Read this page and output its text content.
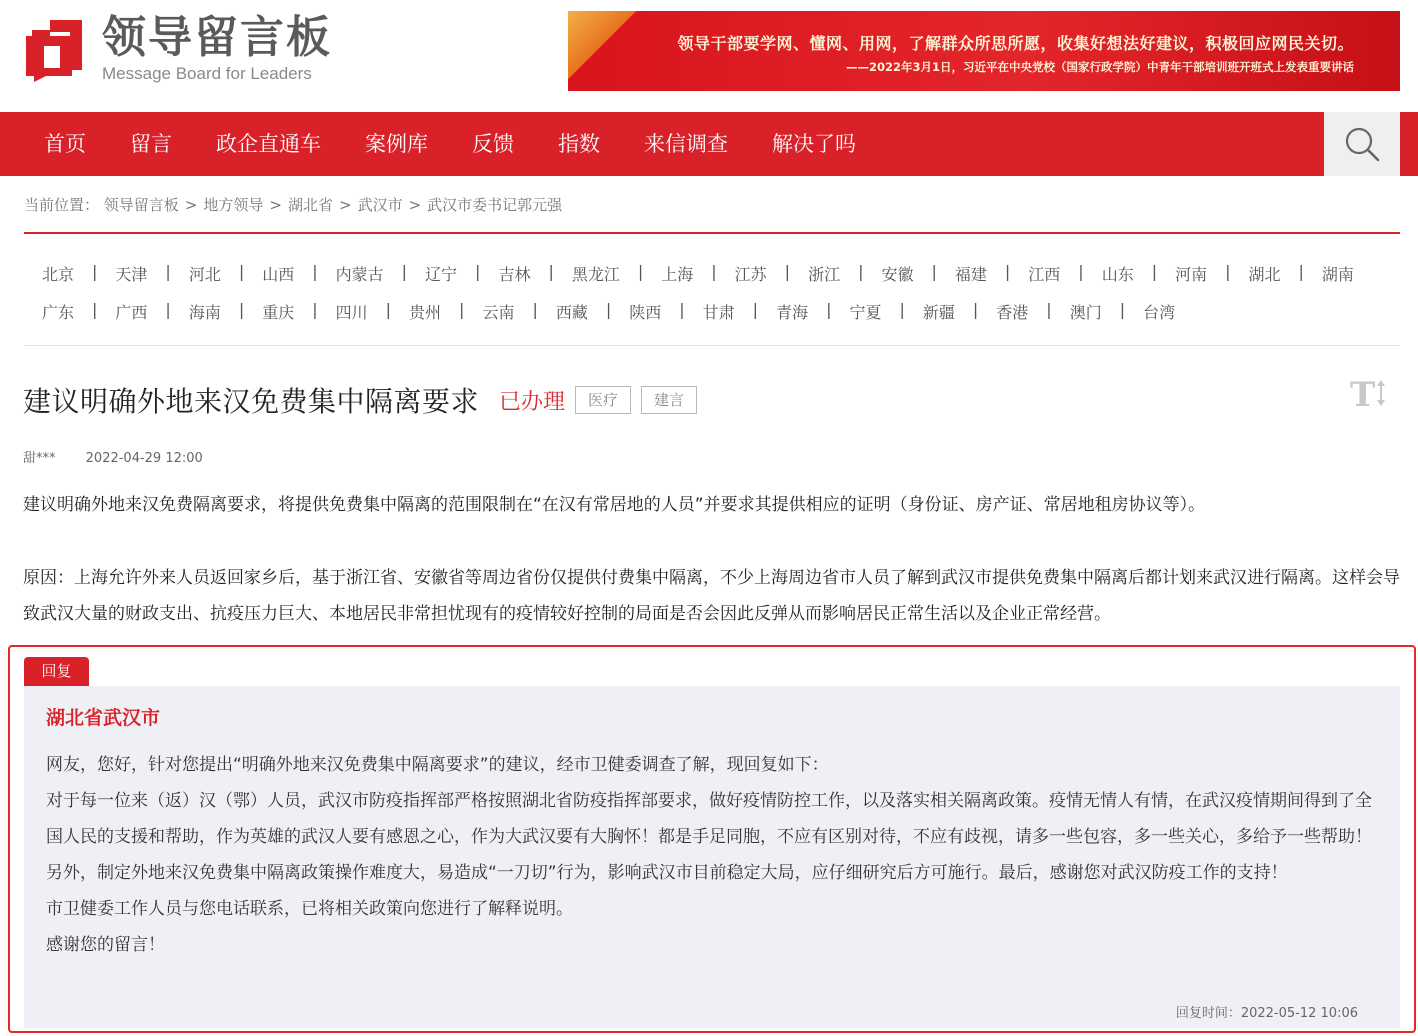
领导留言板
Message Board for Leaders
领导干部要学网、懂网、用网，了解群众所思所愿，收集好想法好建议，积极回应网民关切。
——2022年3月1日，习近平在中央党校（国家行政学院）中青年干部培训班开班式上发表重要讲话
首页 留言 政企直通车 案例库 反馈 指数 来信调查 解决了吗
当前位置： 领导留言板 > 地方领导 > 湖北省 > 武汉市 > 武汉市委书记郭元强
北京	|	天津	|	河北	|	山西	|	内蒙古	|	辽宁	|	吉林	|	黑龙江	|	上海	|	江苏	|	浙江	|	安徽	|	福建	|	江西	|	山东	|	河南	|	湖北	|	湖南
广东	|	广西	|	海南	|	重庆	|	四川	|	贵州	|	云南	|	西藏	|	陕西	|	甘肃	|	青海	|	宁夏	|	新疆	|	香港	|	澳门	|	台湾
建议明确外地来汉免费集中隔离要求 已办理	医疗	建言	T
甜*** 2022-04-29 12:00
建议明确外地来汉免费隔离要求，将提供免费集中隔离的范围限制在“在汉有常居地的人员”并要求其提供相应的证明（身份证、房产证、常居地租房协议等）。
原因：上海允许外来人员返回家乡后，基于浙江省、安徽省等周边省份仅提供付费集中隔离，不少上海周边省市人员了解到武汉市提供免费集中隔离后都计划来武汉进行隔离。这样会导致武汉大量的财政支出、抗疫压力巨大、本地居民非常担忧现有的疫情较好控制的局面是否会因此反弹从而影响居民正常生活以及企业正常经营。
回复
湖北省武汉市
网友，您好，针对您提出“明确外地来汉免费集中隔离要求”的建议，经市卫健委调查了解，现回复如下：
对于每一位来（返）汉（鄂）人员，武汉市防疫指挥部严格按照湖北省防疫指挥部要求，做好疫情防控工作，以及落实相关隔离政策。疫情无情人有情，在武汉疫情期间得到了全国人民的支援和帮助，作为英雄的武汉人要有感恩之心，作为大武汉要有大胸怀！都是手足同胞，不应有区别对待，不应有歧视，请多一些包容，多一些关心，多给予一些帮助！另外，制定外地来汉免费集中隔离政策操作难度大，易造成“一刀切”行为，影响武汉市目前稳定大局，应仔细研究后方可施行。最后，感谢您对武汉防疫工作的支持！
市卫健委工作人员与您电话联系，已将相关政策向您进行了解释说明。
感谢您的留言！
回复时间：2022-05-12 10:06
